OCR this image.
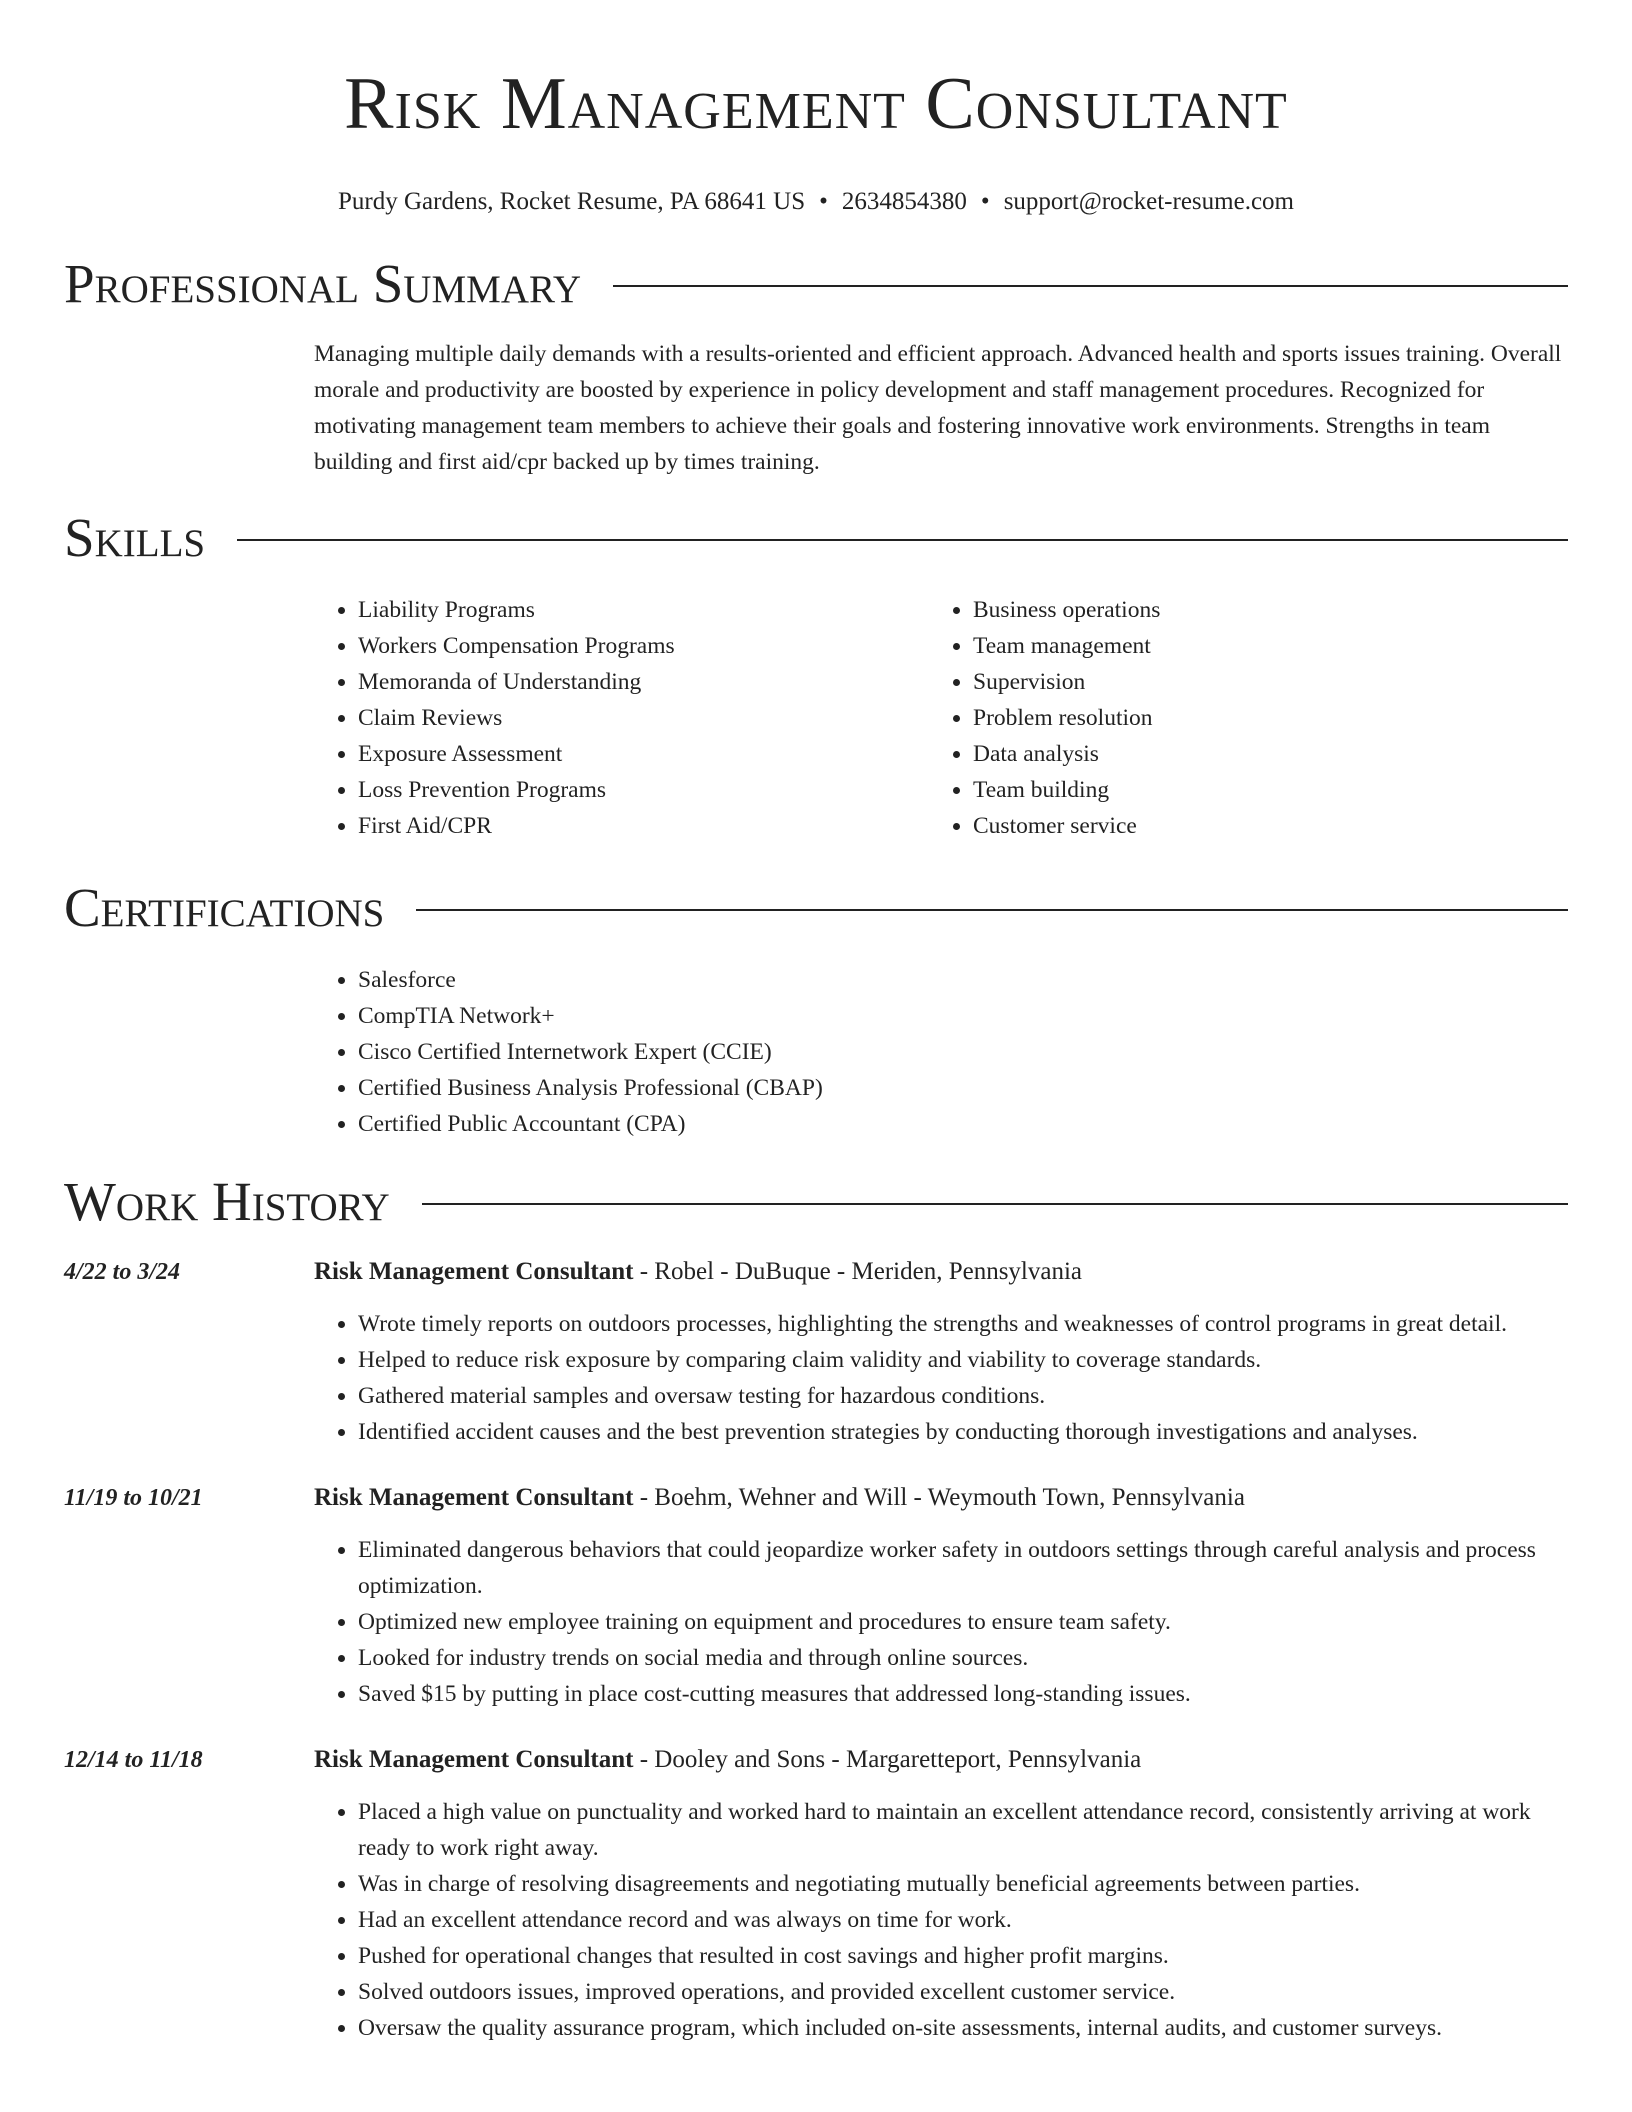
Risk Management Consultant
Purdy Gardens, Rocket Resume, PA 68641 US • 2634854380 • support@rocket-resume.com
Professional Summary

Managing multiple daily demands with a results-oriented and efficient approach. Advanced health and sports issues training. Overall morale and productivity are boosted by experience in policy development and staff management procedures. Recognized for motivating management team members to achieve their goals and fostering innovative work environments. Strengths in team building and first aid/cpr backed up by times training.

Skills
• Liability Programs
• Workers Compensation Programs
• Memoranda of Understanding
• Claim Reviews
• Exposure Assessment
• Loss Prevention Programs
• First Aid/CPR
• Business operations
• Team management
• Supervision
• Problem resolution
• Data analysis
• Team building
• Customer service
Certifications
• Salesforce
• CompTIA Network+
• Cisco Certified Internetwork Expert (CCIE)
• Certified Business Analysis Professional (CBAP)
• Certified Public Accountant (CPA)
Work History
4/22 to 3/24	Risk Management Consultant - Robel - DuBuque - Meriden, Pennsylvania
• Wrote timely reports on outdoors processes, highlighting the strengths and weaknesses of control programs in great detail.
• Helped to reduce risk exposure by comparing claim validity and viability to coverage standards.
• Gathered material samples and oversaw testing for hazardous conditions.
• Identified accident causes and the best prevention strategies by conducting thorough investigations and analyses.
11/19 to 10/21	Risk Management Consultant - Boehm, Wehner and Will - Weymouth Town, Pennsylvania
• Eliminated dangerous behaviors that could jeopardize worker safety in outdoors settings through careful analysis and process optimization.
• Optimized new employee training on equipment and procedures to ensure team safety.
• Looked for industry trends on social media and through online sources.
• Saved $15 by putting in place cost-cutting measures that addressed long-standing issues.
12/14 to 11/18	Risk Management Consultant - Dooley and Sons - Margaretteport, Pennsylvania
• Placed a high value on punctuality and worked hard to maintain an excellent attendance record, consistently arriving at work ready to work right away.
• Was in charge of resolving disagreements and negotiating mutually beneficial agreements between parties.
• Had an excellent attendance record and was always on time for work.
• Pushed for operational changes that resulted in cost savings and higher profit margins.
• Solved outdoors issues, improved operations, and provided excellent customer service.
• Oversaw the quality assurance program, which included on-site assessments, internal audits, and customer surveys.
